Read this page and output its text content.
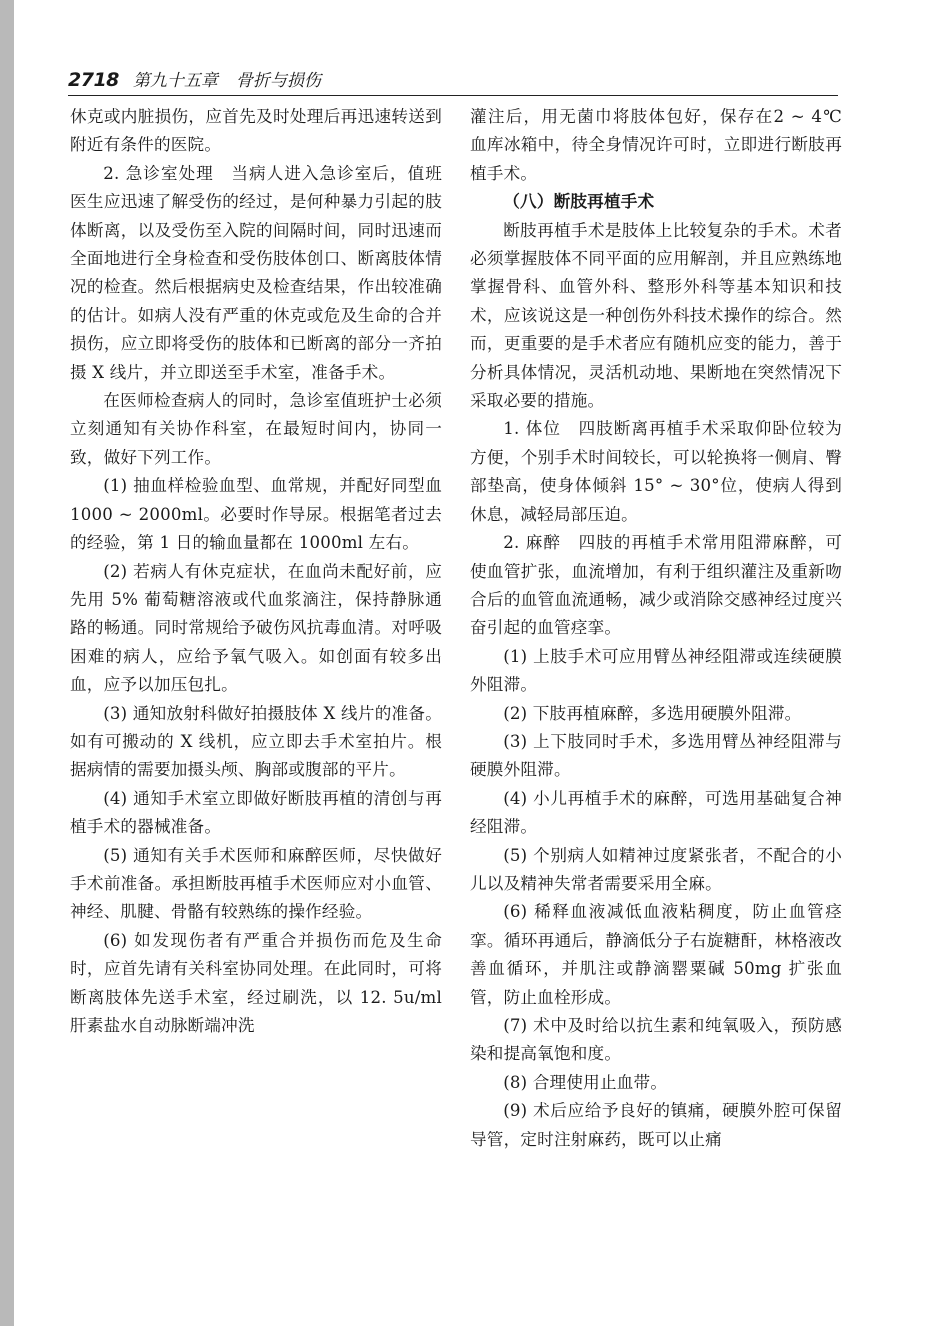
2718 第九十五章 骨折与损伤

休克或内脏损伤，应首先及时处理后再迅速转送到附近有条件的医院。

2. 急诊室处理　当病人进入急诊室后，值班医生应迅速了解受伤的经过，是何种暴力引起的肢体断离，以及受伤至入院的间隔时间，同时迅速而全面地进行全身检查和受伤肢体创口、断离肢体情况的检查。然后根据病史及检查结果，作出较准确的估计。如病人没有严重的休克或危及生命的合并损伤，应立即将受伤的肢体和已断离的部分一齐拍摄 X 线片，并立即送至手术室，准备手术。

在医师检查病人的同时，急诊室值班护士必须立刻通知有关协作科室，在最短时间内，协同一致，做好下列工作。

(1) 抽血样检验血型、血常规，并配好同型血 1000 ~ 2000ml。必要时作导尿。根据笔者过去的经验，第 1 日的输血量都在 1000ml 左右。

(2) 若病人有休克症状，在血尚未配好前，应先用 5% 葡萄糖溶液或代血浆滴注，保持静脉通路的畅通。同时常规给予破伤风抗毒血清。对呼吸困难的病人，应给予氧气吸入。如创面有较多出血，应予以加压包扎。

(3) 通知放射科做好拍摄肢体 X 线片的准备。如有可搬动的 X 线机，应立即去手术室拍片。根据病情的需要加摄头颅、胸部或腹部的平片。

(4) 通知手术室立即做好断肢再植的清创与再植手术的器械准备。

(5) 通知有关手术医师和麻醉医师，尽快做好手术前准备。承担断肢再植手术医师应对小血管、神经、肌腱、骨骼有较熟练的操作经验。

(6) 如发现伤者有严重合并损伤而危及生命时，应首先请有关科室协同处理。在此同时，可将断离肢体先送手术室，经过刷洗，以 12. 5u/ml 肝素盐水自动脉断端冲洗

灌注后，用无菌巾将肢体包好，保存在2 ~ 4℃ 血库冰箱中，待全身情况许可时，立即进行断肢再植手术。

（八）断肢再植手术

断肢再植手术是肢体上比较复杂的手术。术者必须掌握肢体不同平面的应用解剖，并且应熟练地掌握骨科、血管外科、整形外科等基本知识和技术，应该说这是一种创伤外科技术操作的综合。然而，更重要的是手术者应有随机应变的能力，善于分析具体情况，灵活机动地、果断地在突然情况下采取必要的措施。

1. 体位　四肢断离再植手术采取仰卧位较为方便，个别手术时间较长，可以轮换将一侧肩、臀部垫高，使身体倾斜 15° ~ 30°位，使病人得到休息，减轻局部压迫。

2. 麻醉　四肢的再植手术常用阻滞麻醉，可使血管扩张，血流增加，有利于组织灌注及重新吻合后的血管血流通畅，减少或消除交感神经过度兴奋引起的血管痉挛。

(1) 上肢手术可应用臂丛神经阻滞或连续硬膜外阻滞。

(2) 下肢再植麻醉，多选用硬膜外阻滞。

(3) 上下肢同时手术，多选用臂丛神经阻滞与硬膜外阻滞。

(4) 小儿再植手术的麻醉，可选用基础复合神经阻滞。

(5) 个别病人如精神过度紧张者，不配合的小儿以及精神失常者需要采用全麻。

(6) 稀释血液减低血液粘稠度，防止血管痉挛。循环再通后，静滴低分子右旋糖酐，林格液改善血循环，并肌注或静滴罂粟碱 50mg 扩张血管，防止血栓形成。

(7) 术中及时给以抗生素和纯氧吸入，预防感染和提高氧饱和度。

(8) 合理使用止血带。

(9) 术后应给予良好的镇痛，硬膜外腔可保留导管，定时注射麻药，既可以止痛
